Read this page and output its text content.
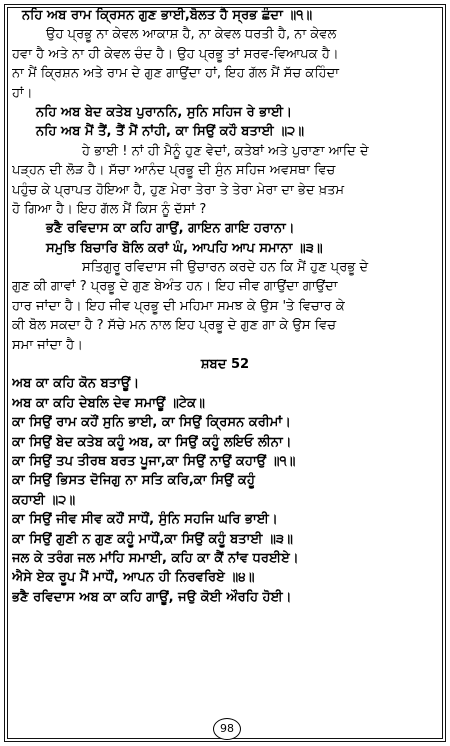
ਨਹਿ ਅਬ ਰਾਮ ਕ੍ਰਿਸਨ ਗੁਣ ਭਾਈ,ਬੋਲਤ ਹੈ ਸ੍ਰਭ ਛੰਦਾ ॥੧॥
ਉਹ ਪ੍ਰਭੂ ਨਾ ਕੇਵਲ ਆਕਾਸ਼ ਹੈ, ਨਾ ਕੇਵਲ ਧਰਤੀ ਹੈ, ਨਾ ਕੇਵਲ
ਹਵਾ ਹੈ ਅਤੇ ਨਾ ਹੀ ਕੇਵਲ ਚੰਦ ਹੈ। ਉਹ ਪ੍ਰਭੂ ਤਾਂ ਸਰਵ-ਵਿਆਪਕ ਹੈ।
ਨਾ ਮੈਂ ਕ੍ਰਿਸ਼ਨ ਅਤੇ ਰਾਮ ਦੇ ਗੁਣ ਗਾਉਂਦਾ ਹਾਂ, ਇਹ ਗੱਲ ਮੈਂ ਸੱਚ ਕਹਿੰਦਾ
ਹਾਂ।
ਨਹਿ ਅਬ ਬੇਦ ਕਤੇਬ ਪੁਰਾਨਨਿ, ਸੁਨਿ ਸਹਿਜ ਰੇ ਭਾਈ।
ਨਹਿ ਅਬ ਮੈਂ ਤੈਂ, ਤੈਂ ਮੈਂ ਨਾਂਹੀ, ਕਾ ਸਿਉਂ ਕਹੌ ਬਤਾਈ ॥੨॥
ਹੇ ਭਾਈ ! ਨਾਂ ਹੀ ਮੈਨੂੰ ਹੁਣ ਵੇਦਾਂ, ਕਤੇਬਾਂ ਅਤੇ ਪੁਰਾਣਾ ਆਦਿ ਦੇ
ਪੜ੍ਹਨ ਦੀ ਲੋੜ ਹੈ। ਸੱਚਾ ਆਨੰਦ ਪ੍ਰਭੂ ਦੀ ਸੁੰਨ ਸਹਿਜ ਅਵਸਥਾ ਵਿਚ
ਪਹੁੰਚ ਕੇ ਪ੍ਰਾਪਤ ਹੋਇਆ ਹੈ, ਹੁਣ ਮੇਰਾ ਤੇਰਾ ਤੇ ਤੇਰਾ ਮੇਰਾ ਦਾ ਭੇਦ ਖ਼ਤਮ
ਹੋ ਗਿਆ ਹੈ। ਇਹ ਗੱਲ ਮੈਂ ਕਿਸ ਨੂੰ ਦੱਸਾਂ ?
ਭਣੈ ਰਵਿਦਾਸ ਕਾ ਕਹਿ ਗਾਉਂ, ਗਾਇਨ ਗਾਇ ਹਰਾਨਾ।
ਸਮੁਝਿ ਬਿਚਾਰਿ ਬੋਲਿ ਕਰਾਂ ਘੰ, ਆਪਹਿ ਆਪ ਸਮਾਨਾ ॥੩॥
ਸਤਿਗੁਰੂ ਰਵਿਦਾਸ ਜੀ ਉਚਾਰਨ ਕਰਦੇ ਹਨ ਕਿ ਮੈਂ ਹੁਣ ਪ੍ਰਭੂ ਦੇ
ਗੁਣ ਕੀ ਗਾਵਾਂ ? ਪ੍ਰਭੂ ਦੇ ਗੁਣ ਬੇਅੰਤ ਹਨ। ਇਹ ਜੀਵ ਗਾਉਂਦਾ ਗਾਉਂਦਾ
ਹਾਰ ਜਾਂਦਾ ਹੈ। ਇਹ ਜੀਵ ਪ੍ਰਭੂ ਦੀ ਮਹਿਮਾ ਸਮਝ ਕੇ ਉਸ 'ਤੇ ਵਿਚਾਰ ਕੇ
ਕੀ ਬੋਲ ਸਕਦਾ ਹੈ ? ਸੱਚੇ ਮਨ ਨਾਲ ਇਹ ਪ੍ਰਭੂ ਦੇ ਗੁਣ ਗਾ ਕੇ ਉਸ ਵਿਚ
ਸਮਾ ਜਾਂਦਾ ਹੈ।
ਸ਼ਬਦ 52
ਅਬ ਕਾ ਕਹਿ ਕੋਨ ਬਤਾਊਂ।
ਅਬ ਕਾ ਕਹਿ ਦੇਬਲਿ ਦੇਵ ਸਮਾਊਂ ॥ਟੇਕ॥
ਕਾ ਸਿਉਂ ਰਾਮ ਕਹੌਂ ਸੁਨਿ ਭਾਈ, ਕਾ ਸਿਉਂ ਕ੍ਰਿਸਨ ਕਰੀਮਾਂ।
ਕਾ ਸਿਉਂ ਬੇਦ ਕਤੇਬ ਕਹੂੰ ਅਬ, ਕਾ ਸਿਉਂ ਕਹੂੰ ਲਇਓ ਲੀਨਾ।
ਕਾ ਸਿਉਂ ਤਪ ਤੀਰਥ ਬਰਤ ਪੂਜਾ,ਕਾ ਸਿਉਂ ਨਾਉਂ ਕਹਾਉਂ ॥੧॥
ਕਾ ਸਿਉਂ ਭਿਸਤ ਦੋਜਿਗੁ ਨਾ ਸਤਿ ਕਰਿ,ਕਾ ਸਿਉਂ ਕਹੂੰ
ਕਹਾਈ ॥੨॥
ਕਾ ਸਿਉਂ ਜੀਵ ਸੀਵ ਕਹੌਂ ਸਾਧੌਂ, ਸੁੰਨਿ ਸਹਜਿ ਘਰਿ ਭਾਈ।
ਕਾ ਸਿਉਂ ਗੁਣੀ ਨ ਗੁਣ ਕਹੂੰ ਮਾਧੌਂ,ਕਾ ਸਿਉਂ ਕਹੂੰ ਬਤਾਈ ॥੩॥
ਜਲ ਕੇ ਤਰੰਗ ਜਲ ਮਾਂਹਿ ਸਮਾਈ, ਕਹਿ ਕਾ ਕੈਂ ਨਾਂਵ ਧਰਈਏ।
ਐਸੇ ਏਕ ਰੂਪ ਮੈਂ ਮਾਧੌਂ, ਆਪਨ ਹੀ ਨਿਰਵਰਿਏ ॥੪॥
ਭਣੈ ਰਵਿਦਾਸ ਅਬ ਕਾ ਕਹਿ ਗਾਊਂ, ਜਉ ਕੋਈ ਔਰਹਿ ਹੋਈ।
98
